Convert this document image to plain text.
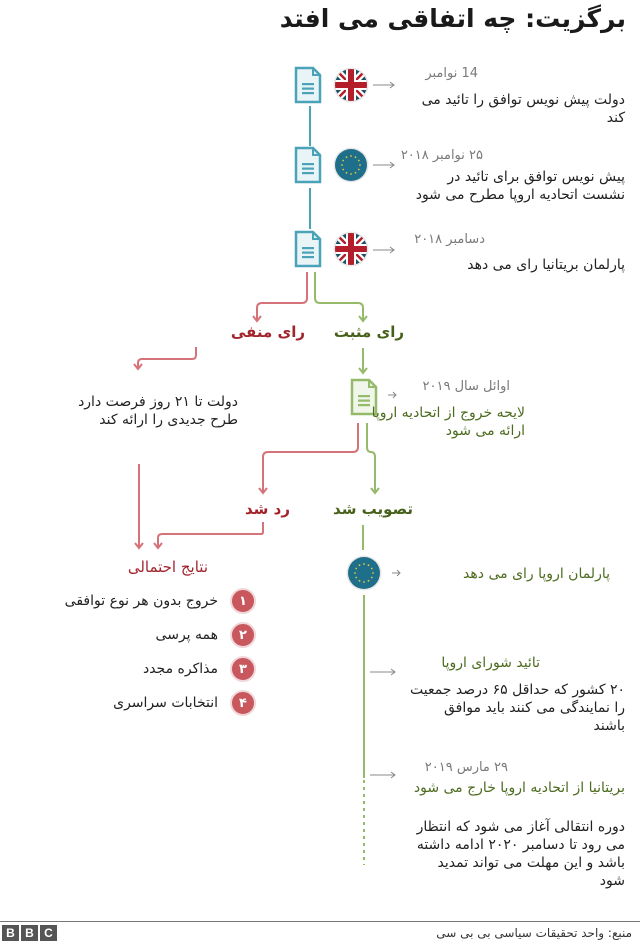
برگزیت: چه اتفاقی می افتد
14 نوامبر
دولت پیش نویس توافق را تائید می کند
۲۵ نوامبر ۲۰۱۸
پیش نویس توافق برای تائید در نشست اتحادیه اروپا مطرح می شود
دسامبر ۲۰۱۸
پارلمان بریتانیا رای می دهد
رای مثبت
رای منفی
دولت تا ۲۱ روز فرصت دارد طرح جدیدی را ارائه کند
اوائل سال ۲۰۱۹
لایحه خروج از اتحادیه اروپا ارائه می شود
تصویب شد
رد شد
نتایج احتمالی
۱
خروج بدون هر نوع توافقی
۲
همه پرسی
۳
مذاکره مجدد
۴
انتخابات سراسری
پارلمان اروپا رای می دهد
تائید شورای اروپا
۲۰ کشور که حداقل ۶۵ درصد جمعیت را نمایندگی می کنند باید موافق باشند
۲۹ مارس ۲۰۱۹
بریتانیا از اتحادیه اروپا خارج می شود
دوره انتقالی آغاز می شود که انتظار می رود تا دسامبر ۲۰۲۰ ادامه داشته باشد و این مهلت می تواند تمدید شود
B B C	منبع: واحد تحقیقات سیاسی بی بی سی
